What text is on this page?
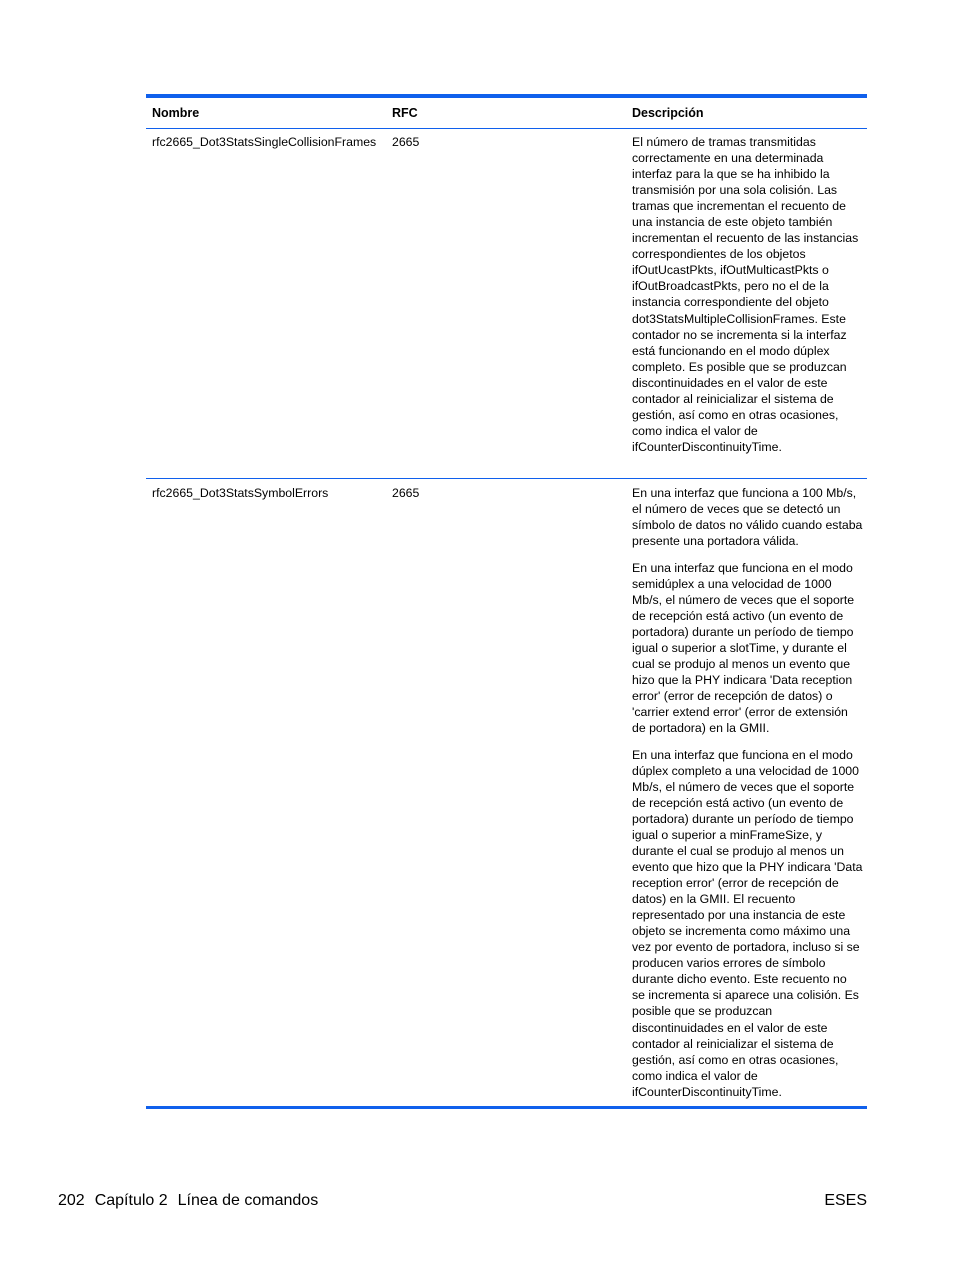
Nombre	RFC	Descripción
rfc2665_Dot3StatsSingleCollisionFrames	2665	El número de tramas transmitidas correctamente en una determinada interfaz para la que se ha inhibido la transmisión por una sola colisión. Las tramas que incrementan el recuento de una instancia de este objeto también incrementan el recuento de las instancias correspondientes de los objetos ifOutUcastPkts, ifOutMulticastPkts o ifOutBroadcastPkts, pero no el de la instancia correspondiente del objeto dot3StatsMultipleCollisionFrames. Este contador no se incrementa si la interfaz está funcionando en el modo dúplex completo. Es posible que se produzcan discontinuidades en el valor de este contador al reinicializar el sistema de gestión, así como en otras ocasiones, como indica el valor de ifCounterDiscontinuityTime.

rfc2665_Dot3StatsSymbolErrors	2665	En una interfaz que funciona a 100 Mb/s, el número de veces que se detectó un símbolo de datos no válido cuando estaba presente una portadora válida.

En una interfaz que funciona en el modo semidúplex a una velocidad de 1000 Mb/s, el número de veces que el soporte de recepción está activo (un evento de portadora) durante un período de tiempo igual o superior a slotTime, y durante el cual se produjo al menos un evento que hizo que la PHY indicara 'Data reception error' (error de recepción de datos) o 'carrier extend error' (error de extensión de portadora) en la GMII.

En una interfaz que funciona en el modo dúplex completo a una velocidad de 1000 Mb/s, el número de veces que el soporte de recepción está activo (un evento de portadora) durante un período de tiempo igual o superior a minFrameSize, y durante el cual se produjo al menos un evento que hizo que la PHY indicara 'Data reception error' (error de recepción de datos) en la GMII. El recuento representado por una instancia de este objeto se incrementa como máximo una vez por evento de portadora, incluso si se producen varios errores de símbolo durante dicho evento. Este recuento no se incrementa si aparece una colisión. Es posible que se produzcan discontinuidades en el valor de este contador al reinicializar el sistema de gestión, así como en otras ocasiones, como indica el valor de ifCounterDiscontinuityTime.

202 Capítulo 2 Línea de comandos	ESES
